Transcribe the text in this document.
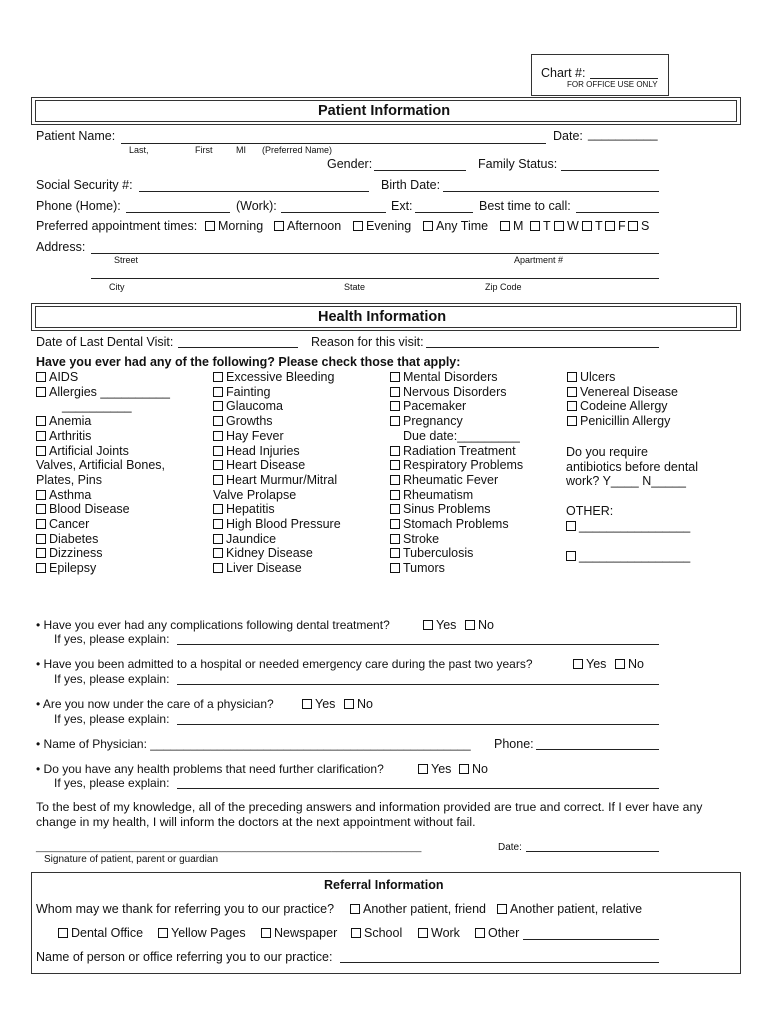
Chart #:
FOR OFFICE USE ONLY
Patient Information
Patient Name:	Date: __________
Last,	First	MI (Preferred Name)
Gender:	Family Status:
Social Security #:	Birth Date:
Phone (Home):	(Work):	Ext:	Best time to call:
Preferred appointment times:	Morning	Afternoon	Evening	Any Time	M	T	W	T	F	S
Address:
Street	Apartment #
City	State	Zip Code
Health Information
Date of Last Dental Visit:	Reason for this visit:
Have you ever had any of the following? Please check those that apply:
AIDS
Allergies __________
__________
Anemia
Arthritis
Artificial Joints
Valves, Artificial Bones,
Plates, Pins
Asthma
Blood Disease
Cancer
Diabetes
Dizziness
Epilepsy
Excessive Bleeding
Fainting
Glaucoma
Growths
Hay Fever
Head Injuries
Heart Disease
Heart Murmur/Mitral
Valve Prolapse
Hepatitis
High Blood Pressure
Jaundice
Kidney Disease
Liver Disease
Mental Disorders
Nervous Disorders
Pacemaker
Pregnancy
Due date:_________
Radiation Treatment
Respiratory Problems
Rheumatic Fever
Rheumatism
Sinus Problems
Stomach Problems
Stroke
Tuberculosis
Tumors
Ulcers
Venereal Disease
Codeine Allergy
Penicillin Allergy
Do you require
antibiotics before dental
work? Y____ N_____
OTHER:
________________
________________
• Have you ever had any complications following dental treatment?	Yes	No
If yes, please explain:
• Have you been admitted to a hospital or needed emergency care during the past two years?	Yes	No
If yes, please explain:
• Are you now under the care of a physician?	Yes	No
If yes, please explain:
• Name of Physician: ________________________________________________ Phone:
• Do you have any health problems that need further clarification?	Yes	No
If yes, please explain:
To the best of my knowledge, all of the preceding answers and information provided are true and correct. If I ever have any
change in my health, I will inform the doctors at the next appointment without fail.
_____________________________________________________________________________	Date:
Signature of patient, parent or guardian
Referral Information
Whom may we thank for referring you to our practice?	Another patient, friend	Another patient, relative
Dental Office	Yellow Pages	Newspaper	School	Work	Other
Name of person or office referring you to our practice:
